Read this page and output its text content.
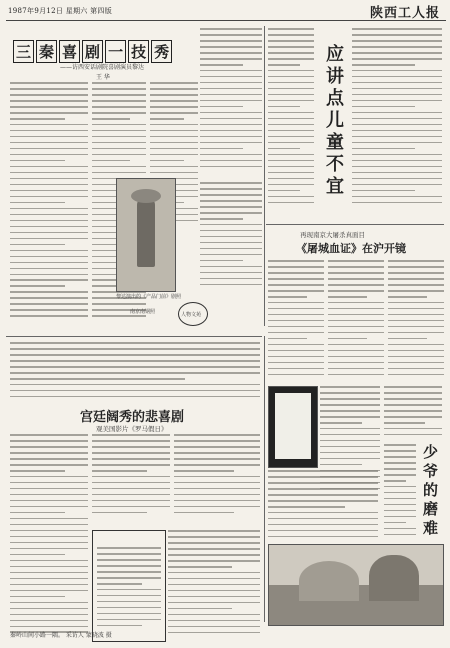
1987年9月12日 星期六 第四版	陕西工人报
三 秦 喜 剧 一 技 秀
——访西安话剧院喜剧演员黎达
王 华
黎达演出的《产品门前》剧照
南京南钢照	人物文苑
应讲点儿童不宜
再现南京大屠杀真面目
《屠城血证》在沪开镜
宫廷阔秀的悲喜剧
观美国影片《罗马假日》
少爷的磨难
秦岭山间小路一隅。 采访人 蒙晓波 摄
